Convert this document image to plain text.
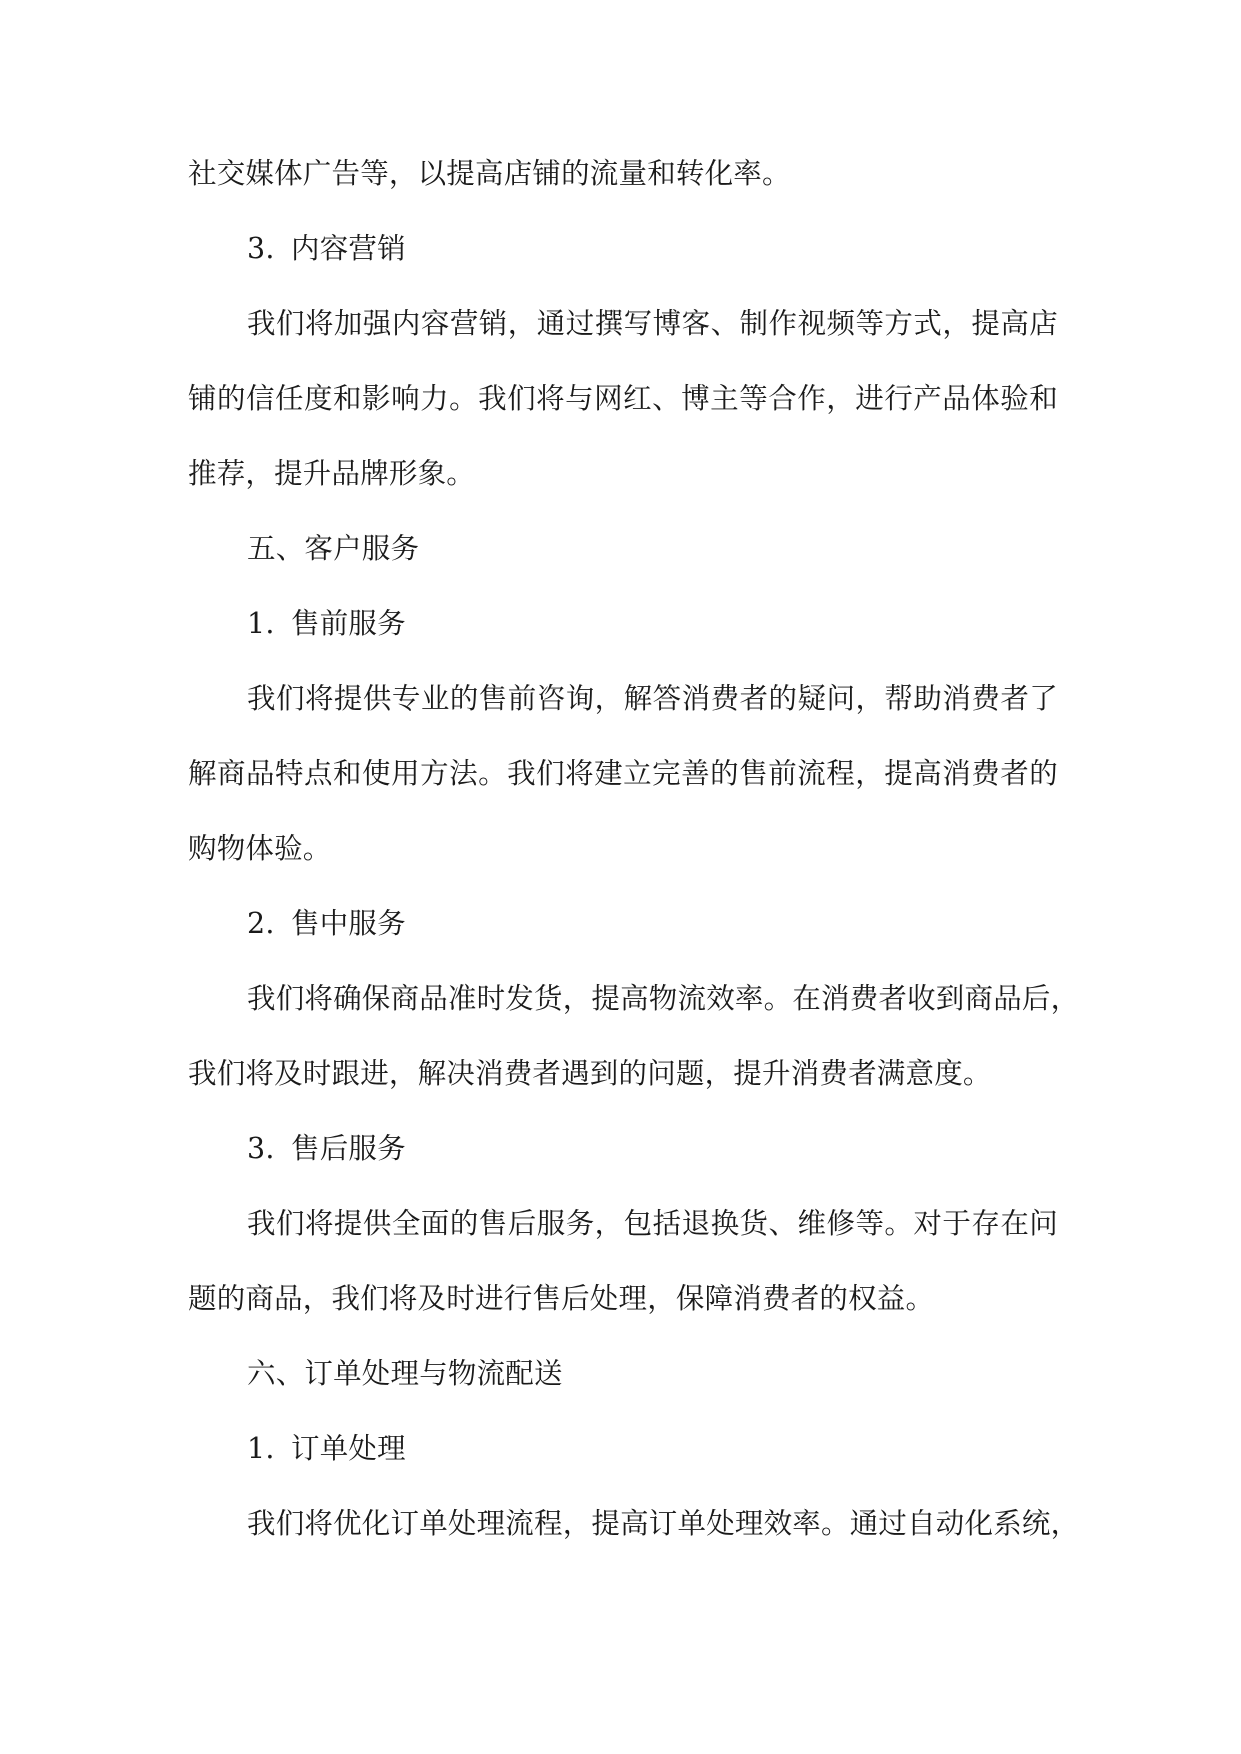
社交媒体广告等，以提高店铺的流量和转化率。
3. 内容营销
我们将加强内容营销，通过撰写博客、制作视频等方式，提高店
铺的信任度和影响力。我们将与网红、博主等合作，进行产品体验和
推荐，提升品牌形象。
五、客户服务
1. 售前服务
我们将提供专业的售前咨询，解答消费者的疑问，帮助消费者了
解商品特点和使用方法。我们将建立完善的售前流程，提高消费者的
购物体验。
2. 售中服务
我们将确保商品准时发货，提高物流效率。在消费者收到商品后，
我们将及时跟进，解决消费者遇到的问题，提升消费者满意度。
3. 售后服务
我们将提供全面的售后服务，包括退换货、维修等。对于存在问
题的商品，我们将及时进行售后处理，保障消费者的权益。
六、订单处理与物流配送
1. 订单处理
我们将优化订单处理流程，提高订单处理效率。通过自动化系统，
